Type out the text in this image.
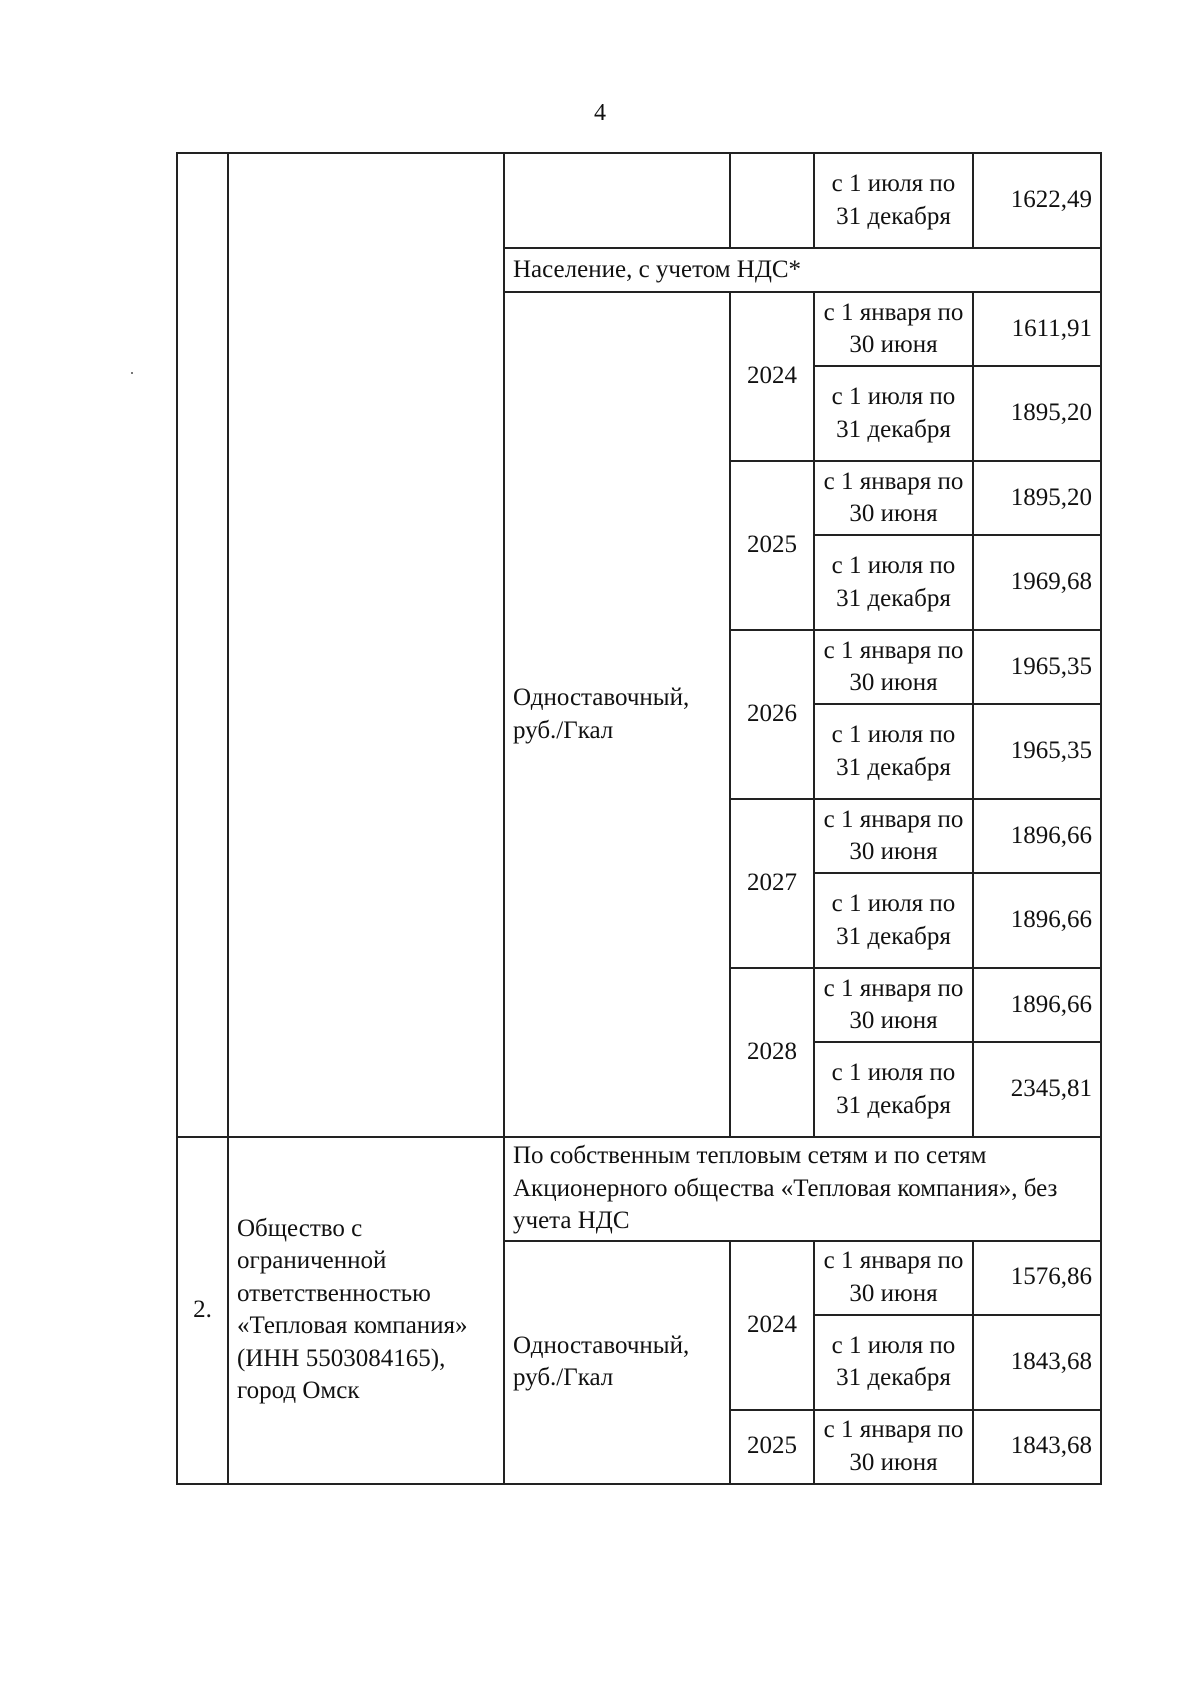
4
				с 1 июля по 31 декабря	1622,49
		Население, с учетом НДС*			
		Одноставочный, руб./Гкал	2024	с 1 января по 30 июня	1611,91
				с 1 июля по 31 декабря	1895,20
			2025	с 1 января по 30 июня	1895,20
				с 1 июля по 31 декабря	1969,68
			2026	с 1 января по 30 июня	1965,35
				с 1 июля по 31 декабря	1965,35
			2027	с 1 января по 30 июня	1896,66
				с 1 июля по 31 декабря	1896,66
			2028	с 1 января по 30 июня	1896,66
				с 1 июля по 31 декабря	2345,81
2.	Общество с ограниченной ответственностью «Тепловая компания» (ИНН 5503084165), город Омск	По собственным тепловым сетям и по сетям Акционерного общества «Тепловая компания», без учета НДС			
		Одноставочный, руб./Гкал	2024	с 1 января по 30 июня	1576,86
				с 1 июля по 31 декабря	1843,68
			2025	с 1 января по 30 июня	1843,68
